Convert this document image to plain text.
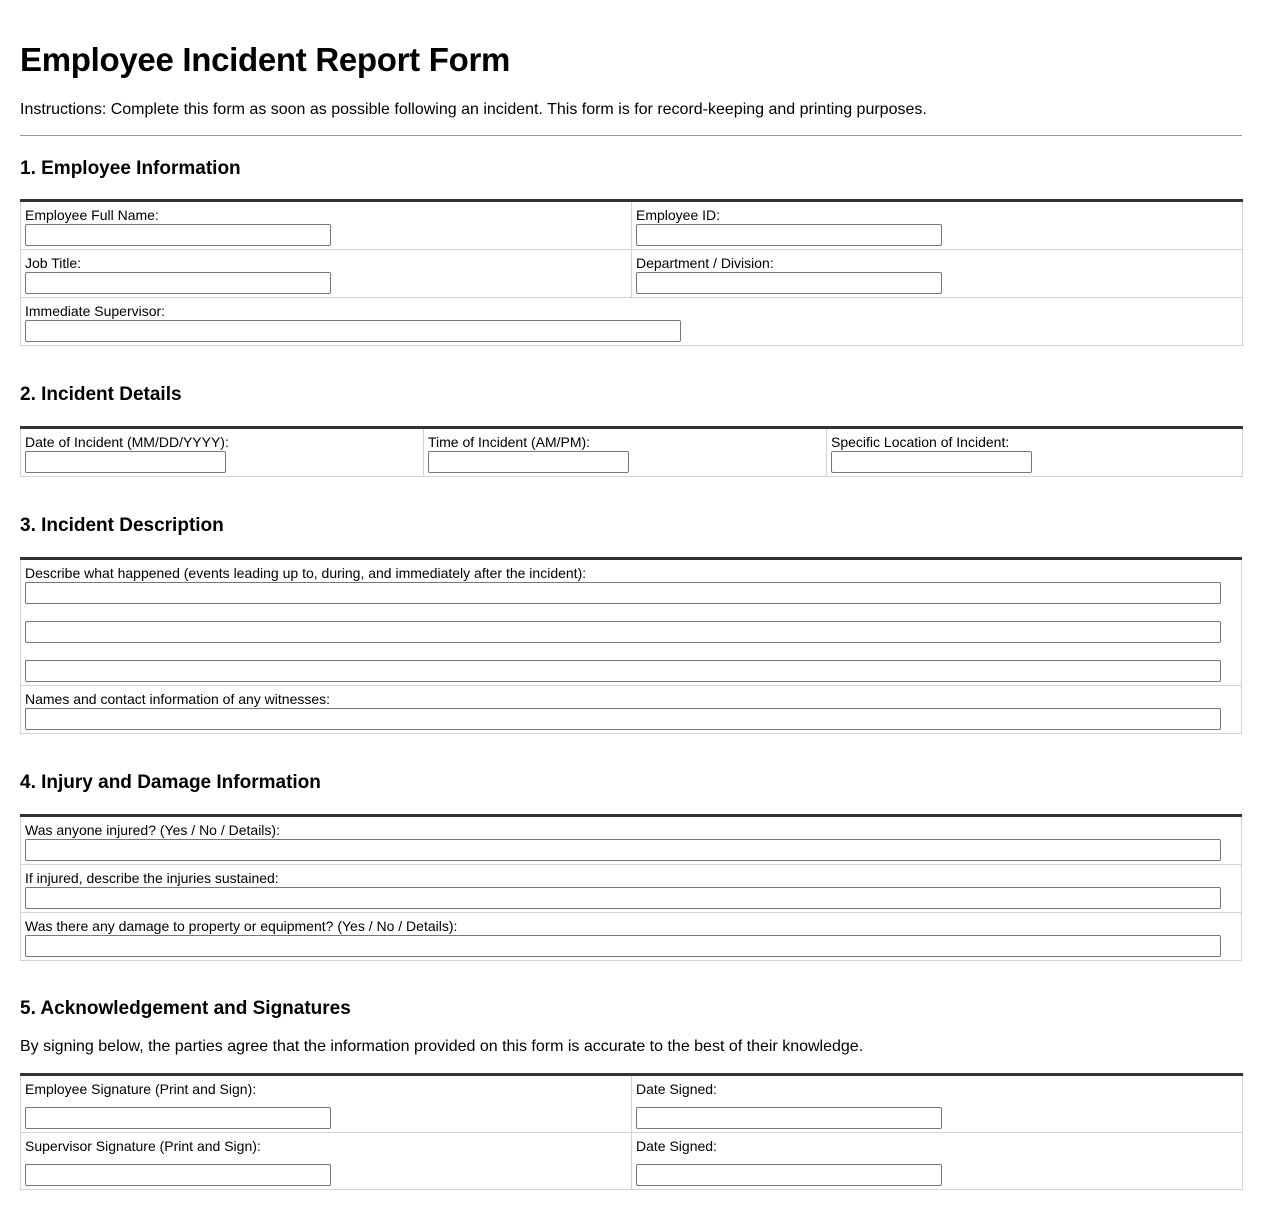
Employee Incident Report Form

Instructions: Complete this form as soon as possible following an incident. This form is for record-keeping and printing purposes.

1. Employee Information
Employee Full Name:	Employee ID:

Job Title:	Department / Division:

Immediate Supervisor:	
2. Incident Details
Date of Incident (MM/DD/YYYY):	Time of Incident (AM/PM):	Specific Location of Incident:
3. Incident Description
Describe what happened (events leading up to, during, and immediately after the incident):

Names and contact information of any witnesses:
4. Injury and Damage Information
Was anyone injured? (Yes / No / Details):

If injured, describe the injuries sustained:

Was there any damage to property or equipment? (Yes / No / Details):
5. Acknowledgement and Signatures

By signing below, the parties agree that the information provided on this form is accurate to the best of their knowledge.

Employee Signature (Print and Sign):	Date Signed:

Supervisor Signature (Print and Sign):	Date Signed:
